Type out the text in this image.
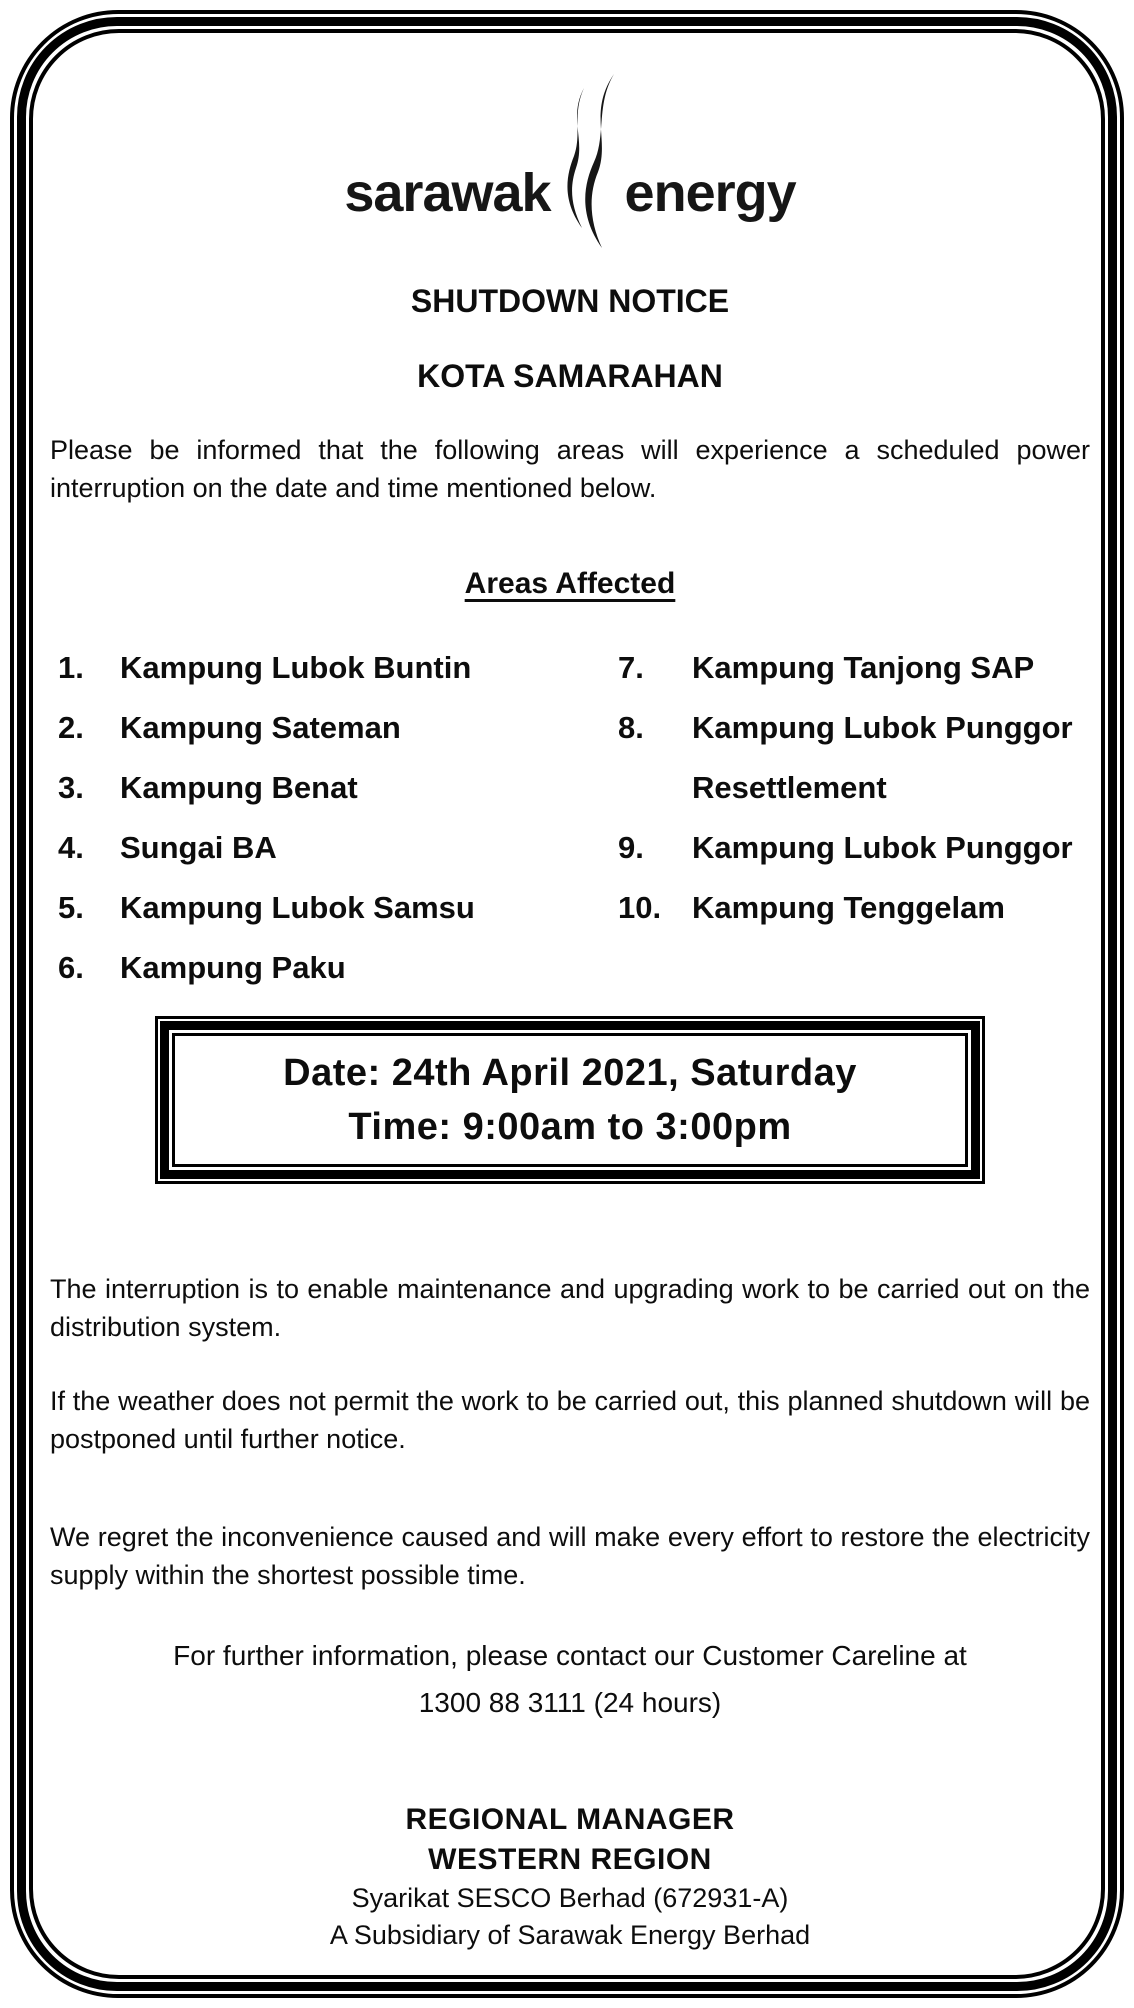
sarawak energy
SHUTDOWN NOTICE
KOTA SAMARAHAN

Please be informed that the following areas will experience a scheduled power interruption on the date and time mentioned below.

Areas Affected
1.	Kampung Lubok Buntin
2.	Kampung Sateman
3.	Kampung Benat
4.	Sungai BA
5.	Kampung Lubok Samsu
6.	Kampung Paku
7.	Kampung Tanjong SAP
8.	Kampung Lubok Punggor Resettlement
9.	Kampung Lubok Punggor
10. Kampung Tenggelam
Date: 24th April 2021, Saturday
Time: 9:00am to 3:00pm

The interruption is to enable maintenance and upgrading work to be carried out on the distribution system.

If the weather does not permit the work to be carried out, this planned shutdown will be postponed until further notice.

We regret the inconvenience caused and will make every effort to restore the electricity supply within the shortest possible time.

For further information, please contact our Customer Careline at
1300 88 3111 (24 hours)
REGIONAL MANAGER
WESTERN REGION
Syarikat SESCO Berhad (672931-A)
A Subsidiary of Sarawak Energy Berhad
